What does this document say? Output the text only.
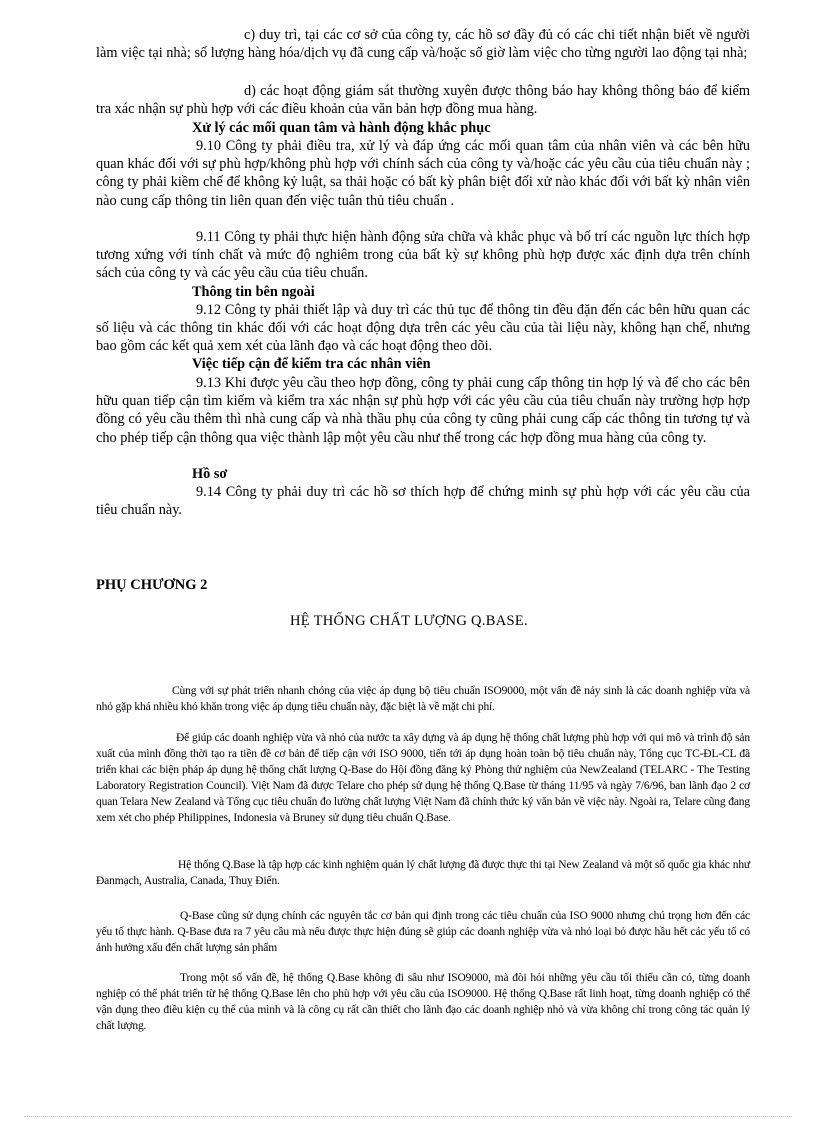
c) duy trì, tại các cơ sở của công ty, các hồ sơ đầy đủ có các chi tiết nhận biết về người làm việc tại nhà; số lượng hàng hóa/dịch vụ đã cung cấp và/hoặc số giờ làm việc cho từng người lao động tại nhà;

d) các hoạt động giám sát thường xuyên được thông báo hay không thông báo để kiểm tra xác nhận sự phù hợp với các điều khoản của văn bản hợp đồng mua hàng.

Xử lý các mối quan tâm và hành động khắc phục

9.10 Công ty phải điều tra, xử lý và đáp ứng các mối quan tâm của nhân viên và các bên hữu quan khác đối với sự phù hợp/không phù hợp với chính sách của công ty và/hoặc các yêu cầu của tiêu chuẩn này ; công ty phải kiềm chế để không kỷ luật, sa thải hoặc có bất kỳ phân biệt đối xử nào khác đối với bất kỳ nhân viên nào cung cấp thông tin liên quan đến việc tuân thủ tiêu chuẩn .

9.11 Công ty phải thực hiện hành động sửa chữa và khắc phục và bố trí các nguồn lực thích hợp tương xứng với tính chất và mức độ nghiêm trong của bất kỳ sự không phù hợp được xác định dựa trên chính sách của công ty và các yêu cầu của tiêu chuẩn.

Thông tin bên ngoài

9.12 Công ty phải thiết lập và duy trì các thủ tục để thông tin đều đặn đến các bên hữu quan các số liệu và các thông tin khác đối với các hoạt động dựa trên các yêu cầu của tài liệu này, không hạn chế, nhưng bao gồm các kết quả xem xét của lãnh đạo và các hoạt động theo dõi.

Việc tiếp cận để kiểm tra các nhân viên

9.13 Khi được yêu cầu theo hợp đồng, công ty phải cung cấp thông tin hợp lý và để cho các bên hữu quan tiếp cận tìm kiếm và kiểm tra xác nhận sự phù hợp với các yêu cầu của tiêu chuẩn này trường hợp hợp đồng có yêu cầu thêm thì nhà cung cấp và nhà thầu phụ của công ty cũng phải cung cấp các thông tin tương tự và cho phép tiếp cận thông qua việc thành lập một yêu cầu như thế trong các hợp đồng mua hàng của công ty.

Hồ sơ

9.14 Công ty phải duy trì các hồ sơ thích hợp để chứng minh sự phù hợp với các yêu cầu của tiêu chuẩn này.

PHỤ CHƯƠNG 2

HỆ THỐNG CHẤT LƯỢNG Q.BASE.

Cùng với sự phát triển nhanh chóng của việc áp dụng bộ tiêu chuẩn ISO9000, một vấn đề nảy sinh là các doanh nghiệp vừa và nhỏ gặp khá nhiều khó khăn trong việc áp dụng tiêu chuẩn này, đặc biệt là về mặt chi phí.

Để giúp các doanh nghiệp vừa và nhỏ của nước ta xây dựng và áp dụng hệ thống chất lượng phù hợp với qui mô và trình độ sản xuất của mình đồng thời tạo ra tiền đề cơ bản để tiếp cận với ISO 9000, tiến tới áp dụng hoàn toàn bộ tiêu chuẩn này, Tổng cục TC-ĐL-CL đã triển khai các biện pháp áp dụng hệ thống chất lượng Q-Base do Hội đồng đăng ký Phòng thử nghiệm của NewZealand (TELARC - The Testing Laboratory Registration Council). Việt Nam đã được Telare cho phép sử dụng hệ thống Q.Base từ tháng 11/95 và ngày 7/6/96, ban lãnh đạo 2 cơ quan Telara New Zealand và Tổng cục tiêu chuẩn đo lường chất lượng Việt Nam đã chính thức ký văn bản về việc này. Ngoài ra, Telare cũng đang xem xét cho phép Philippines, Indonesia và Bruney sử dụng tiêu chuẩn Q.Base.

Hệ thống Q.Base là tập hợp các kinh nghiệm quản lý chất lượng đã được thực thi tại New Zealand và một số quốc gia khác như Đanmạch, Australia, Canada, Thuỵ Điển.

Q-Base cũng sử dụng chính các nguyên tắc cơ bản qui định trong các tiêu chuẩn của ISO 9000 nhưng chú trọng hơn đến các yếu tố thực hành. Q-Base đưa ra 7 yêu cầu mà nếu được thực hiện đúng sẽ giúp các doanh nghiệp vừa và nhỏ loại bỏ được hầu hết các yếu tố có ảnh hưởng xấu đến chất lượng sản phẩm

Trong một số vấn đề, hệ thống Q.Base không đi sâu như ISO9000, mà đòi hỏi những yêu cầu tối thiểu cần có, từng doanh nghiệp có thể phát triển từ hệ thống Q.Base lên cho phù hợp với yêu cầu của ISO9000. Hệ thống Q.Base rất linh hoạt, từng doanh nghiệp có thể vận dụng theo điều kiện cụ thể của mình và là công cụ rất cần thiết cho lãnh đạo các doanh nghiệp nhỏ và vừa không chỉ trong công tác quản lý chất lượng.
